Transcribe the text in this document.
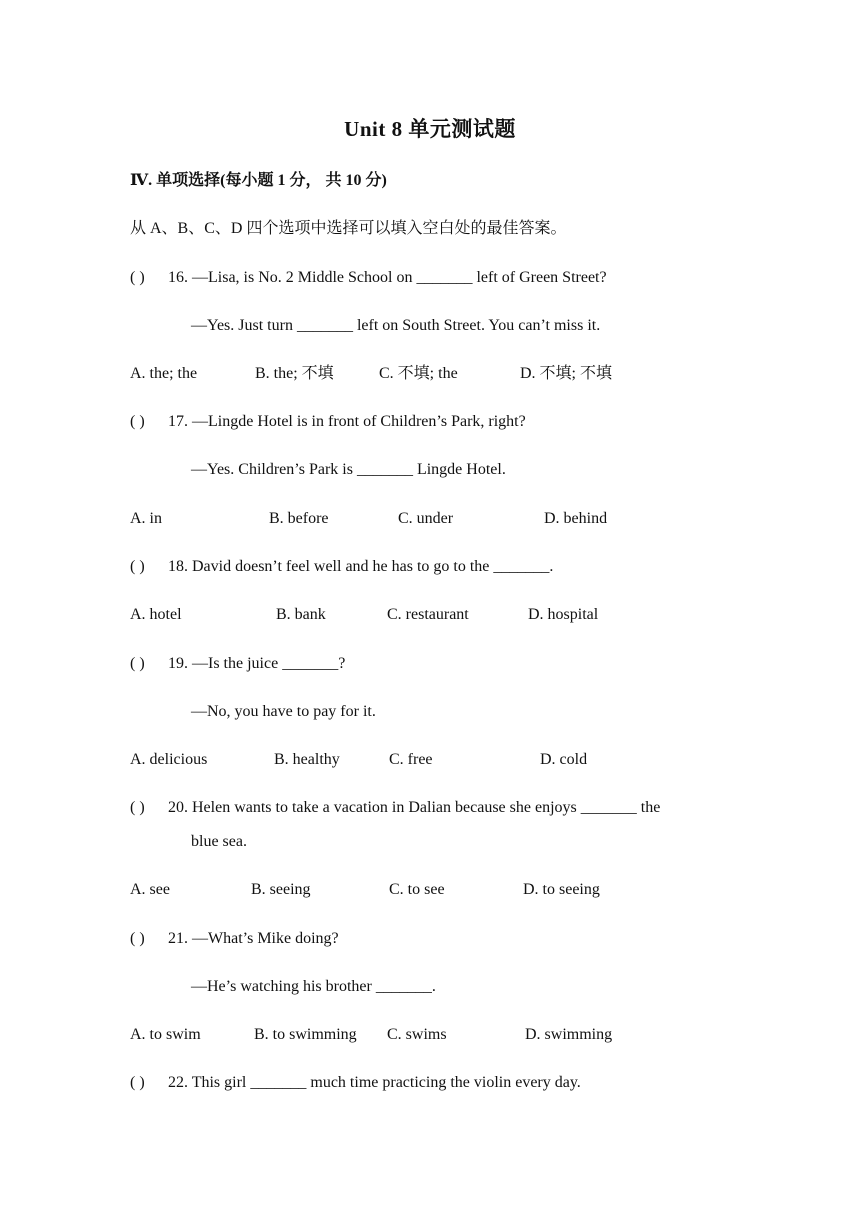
Unit 8 单元测试题
Ⅳ. 单项选择(每小题 1 分， 共 10 分)
从 A、B、C、D 四个选项中选择可以填入空白处的最佳答案。
( ) 16. —Lisa, is No. 2 Middle School on _______ left of Green Street?
—Yes. Just turn _______ left on South Street. You can’t miss it.
A. the; the	B. the; 不填	C. 不填; the	D. 不填; 不填
( ) 17. —Lingde Hotel is in front of Children’s Park, right?
—Yes. Children’s Park is _______ Lingde Hotel.
A. in	B. before	C. under	D. behind
( ) 18. David doesn’t feel well and he has to go to the _______.
A. hotel	B. bank	C. restaurant	D. hospital
( ) 19. —Is the juice _______?
—No, you have to pay for it.
A. delicious	B. healthy	C. free	D. cold
( ) 20. Helen wants to take a vacation in Dalian because she enjoys _______ the
blue sea.
A. see	B. seeing	C. to see	D. to seeing
( ) 21. —What’s Mike doing?
—He’s watching his brother _______.
A. to swim	B. to swimming C. swims	D. swimming
( ) 22. This girl _______ much time practicing the violin every day.
